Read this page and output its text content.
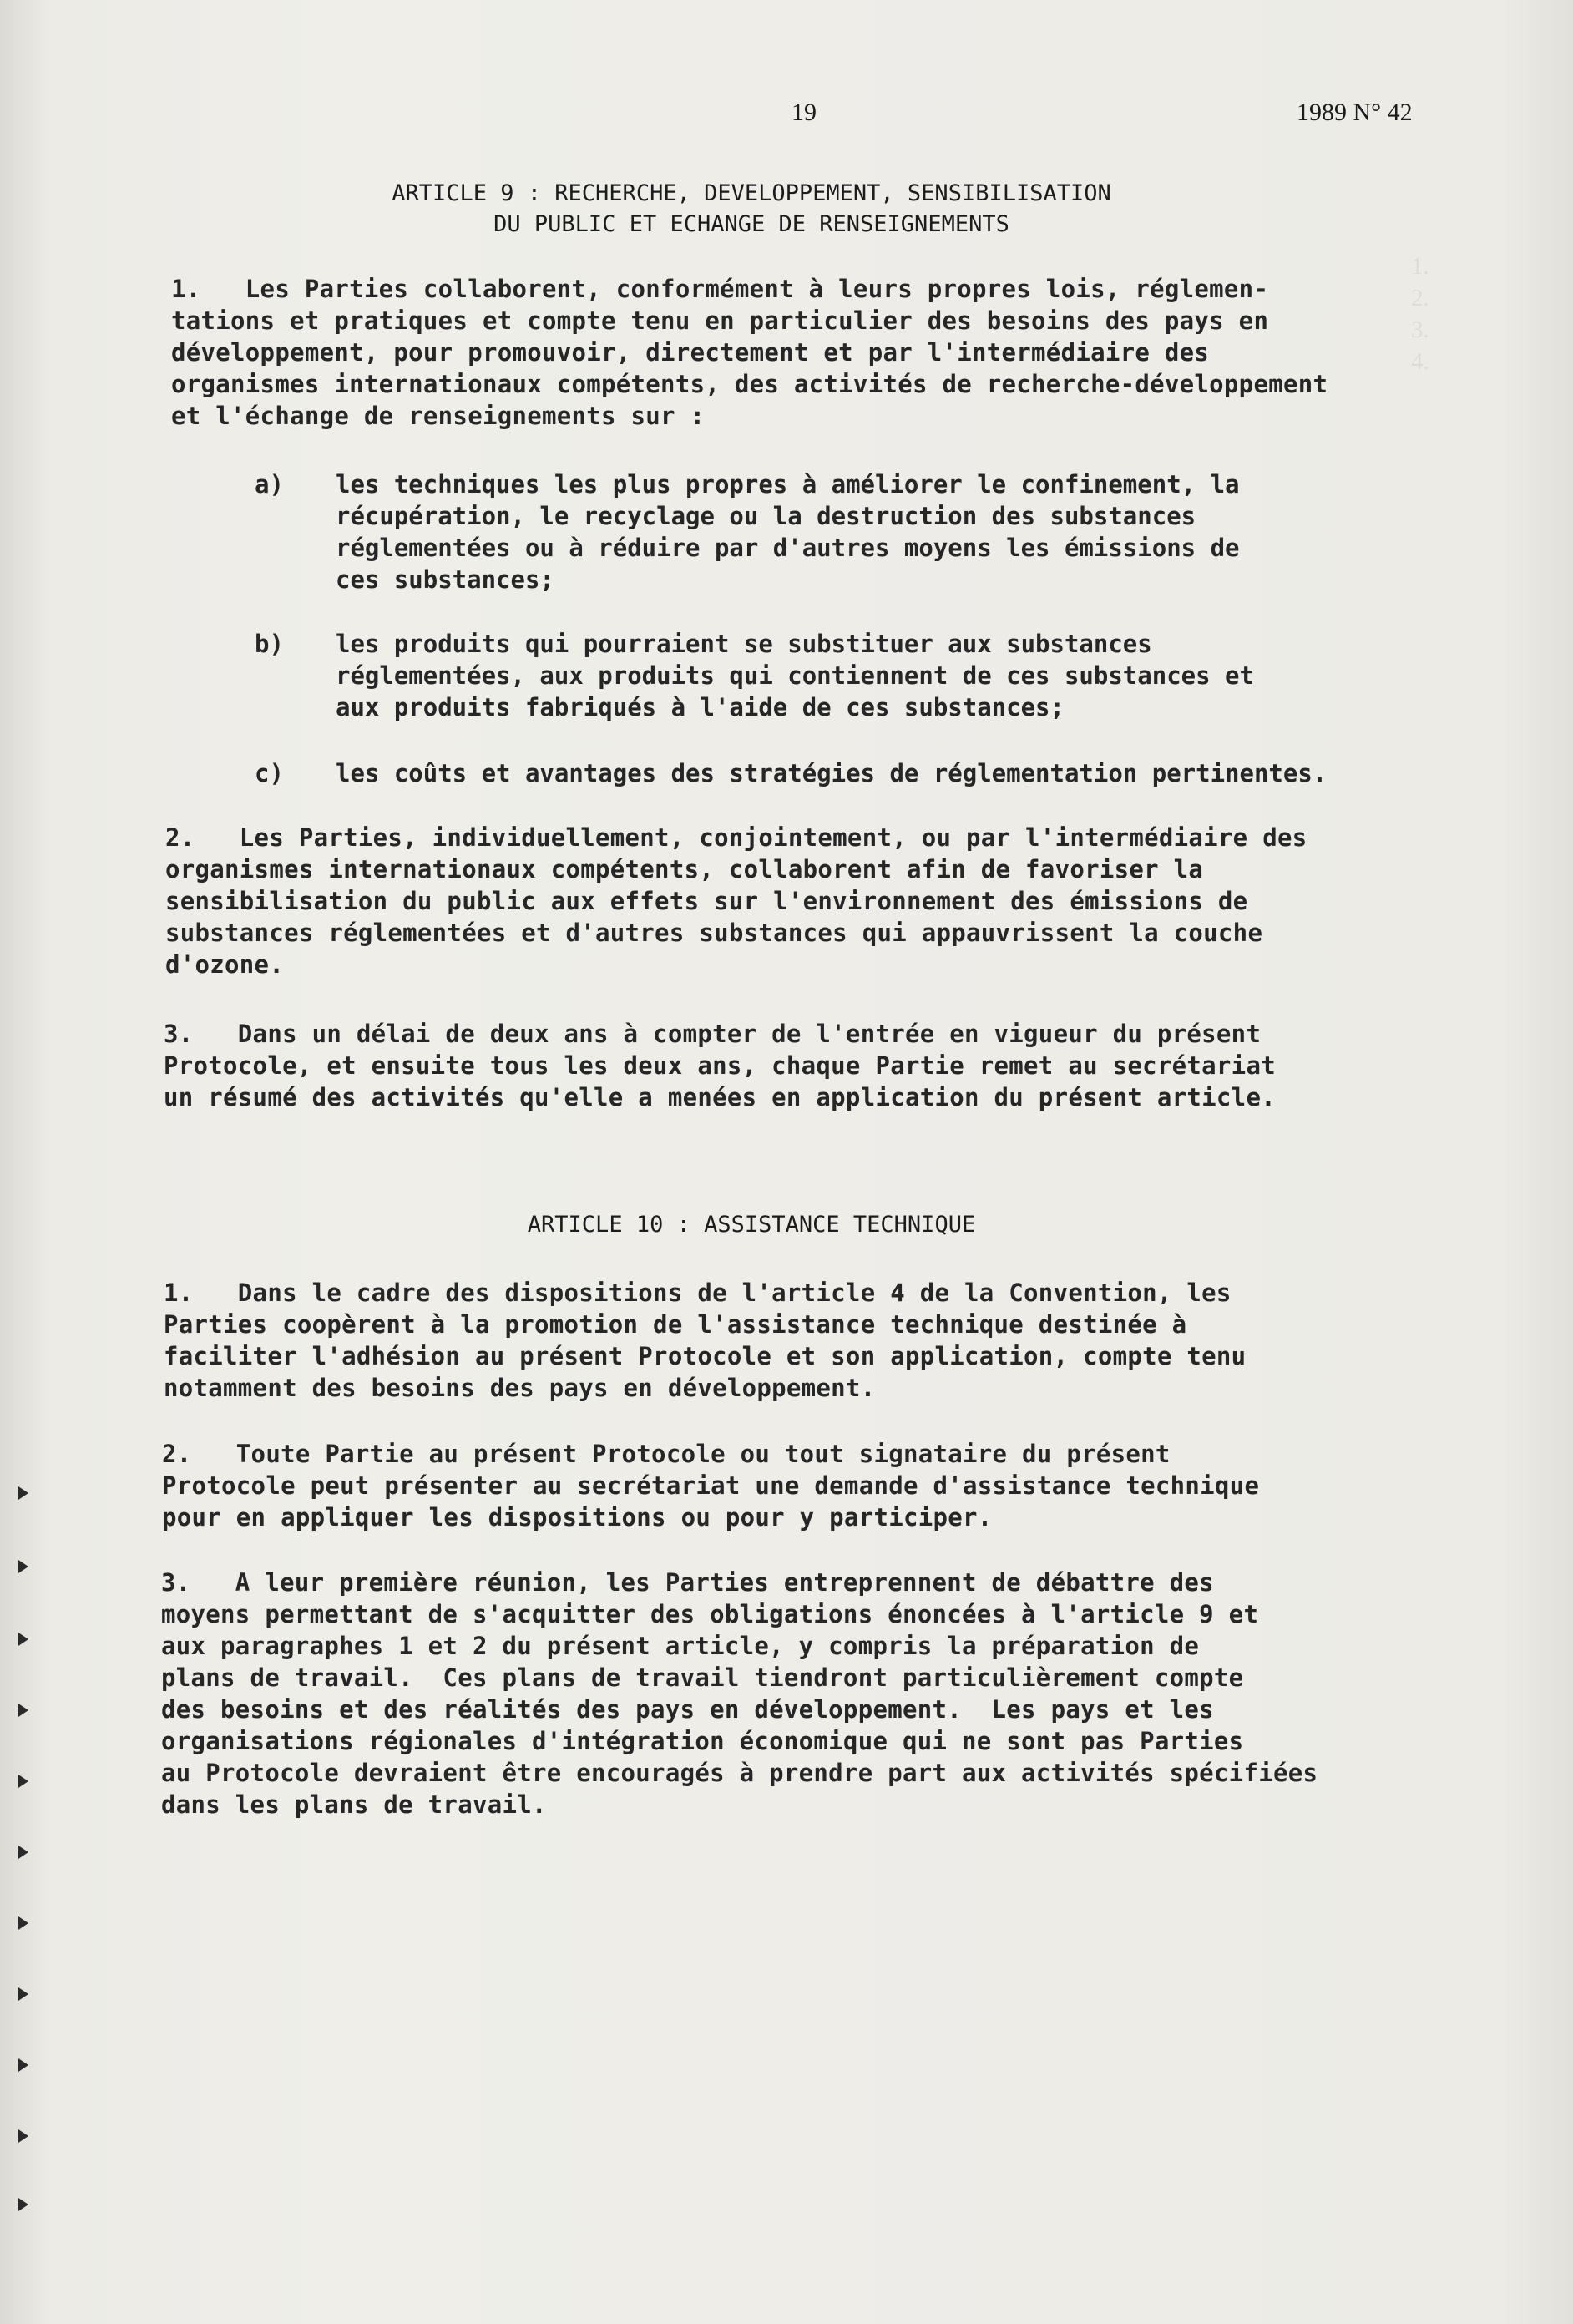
1.
2.
3.
4.
19	1989 N° 42
ARTICLE 9 : RECHERCHE, DEVELOPPEMENT, SENSIBILISATION
DU PUBLIC ET ECHANGE DE RENSEIGNEMENTS
1.   Les Parties collaborent, conformément à leurs propres lois, réglemen-
tations et pratiques et compte tenu en particulier des besoins des pays en
développement, pour promouvoir, directement et par l'intermédiaire des
organismes internationaux compétents, des activités de recherche-développement
et l'échange de renseignements sur :
a) les techniques les plus propres à améliorer le confinement, la
récupération, le recyclage ou la destruction des substances
réglementées ou à réduire par d'autres moyens les émissions de
ces substances;
b) les produits qui pourraient se substituer aux substances
réglementées, aux produits qui contiennent de ces substances et
aux produits fabriqués à l'aide de ces substances;
c) les coûts et avantages des stratégies de réglementation pertinentes.
2.   Les Parties, individuellement, conjointement, ou par l'intermédiaire des
organismes internationaux compétents, collaborent afin de favoriser la
sensibilisation du public aux effets sur l'environnement des émissions de
substances réglementées et d'autres substances qui appauvrissent la couche
d'ozone.
3.   Dans un délai de deux ans à compter de l'entrée en vigueur du présent
Protocole, et ensuite tous les deux ans, chaque Partie remet au secrétariat
un résumé des activités qu'elle a menées en application du présent article.
ARTICLE 10 : ASSISTANCE TECHNIQUE
1.   Dans le cadre des dispositions de l'article 4 de la Convention, les
Parties coopèrent à la promotion de l'assistance technique destinée à
faciliter l'adhésion au présent Protocole et son application, compte tenu
notamment des besoins des pays en développement.
2.   Toute Partie au présent Protocole ou tout signataire du présent
Protocole peut présenter au secrétariat une demande d'assistance technique
pour en appliquer les dispositions ou pour y participer.
3.   A leur première réunion, les Parties entreprennent de débattre des
moyens permettant de s'acquitter des obligations énoncées à l'article 9 et
aux paragraphes 1 et 2 du présent article, y compris la préparation de
plans de travail.  Ces plans de travail tiendront particulièrement compte
des besoins et des réalités des pays en développement.  Les pays et les
organisations régionales d'intégration économique qui ne sont pas Parties
au Protocole devraient être encouragés à prendre part aux activités spécifiées
dans les plans de travail.
